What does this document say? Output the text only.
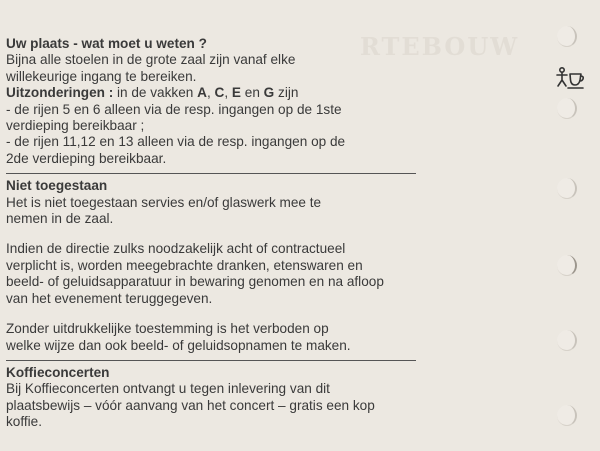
RTEBOUW

Uw plaats - wat moet u weten ?

Bijna alle stoelen in de grote zaal zijn vanaf elke

willekeurige ingang te bereiken.

Uitzonderingen : in de vakken A, C, E en G zijn

- de rijen 5 en 6 alleen via de resp. ingangen op de 1ste

verdieping bereikbaar ;

- de rijen 11,12 en 13 alleen via de resp. ingangen op de

2de verdieping bereikbaar.

Niet toegestaan

Het is niet toegestaan servies en/of glaswerk mee te

nemen in de zaal.

Indien de directie zulks noodzakelijk acht of contractueel

verplicht is, worden meegebrachte dranken, etenswaren en

beeld- of geluidsapparatuur in bewaring genomen en na afloop

van het evenement teruggegeven.

Zonder uitdrukkelijke toestemming is het verboden op

welke wijze dan ook beeld- of geluidsopnamen te maken.

Koffieconcerten

Bij Koffieconcerten ontvangt u tegen inlevering van dit

plaatsbewijs – vóór aanvang van het concert – gratis een kop

koffie.
